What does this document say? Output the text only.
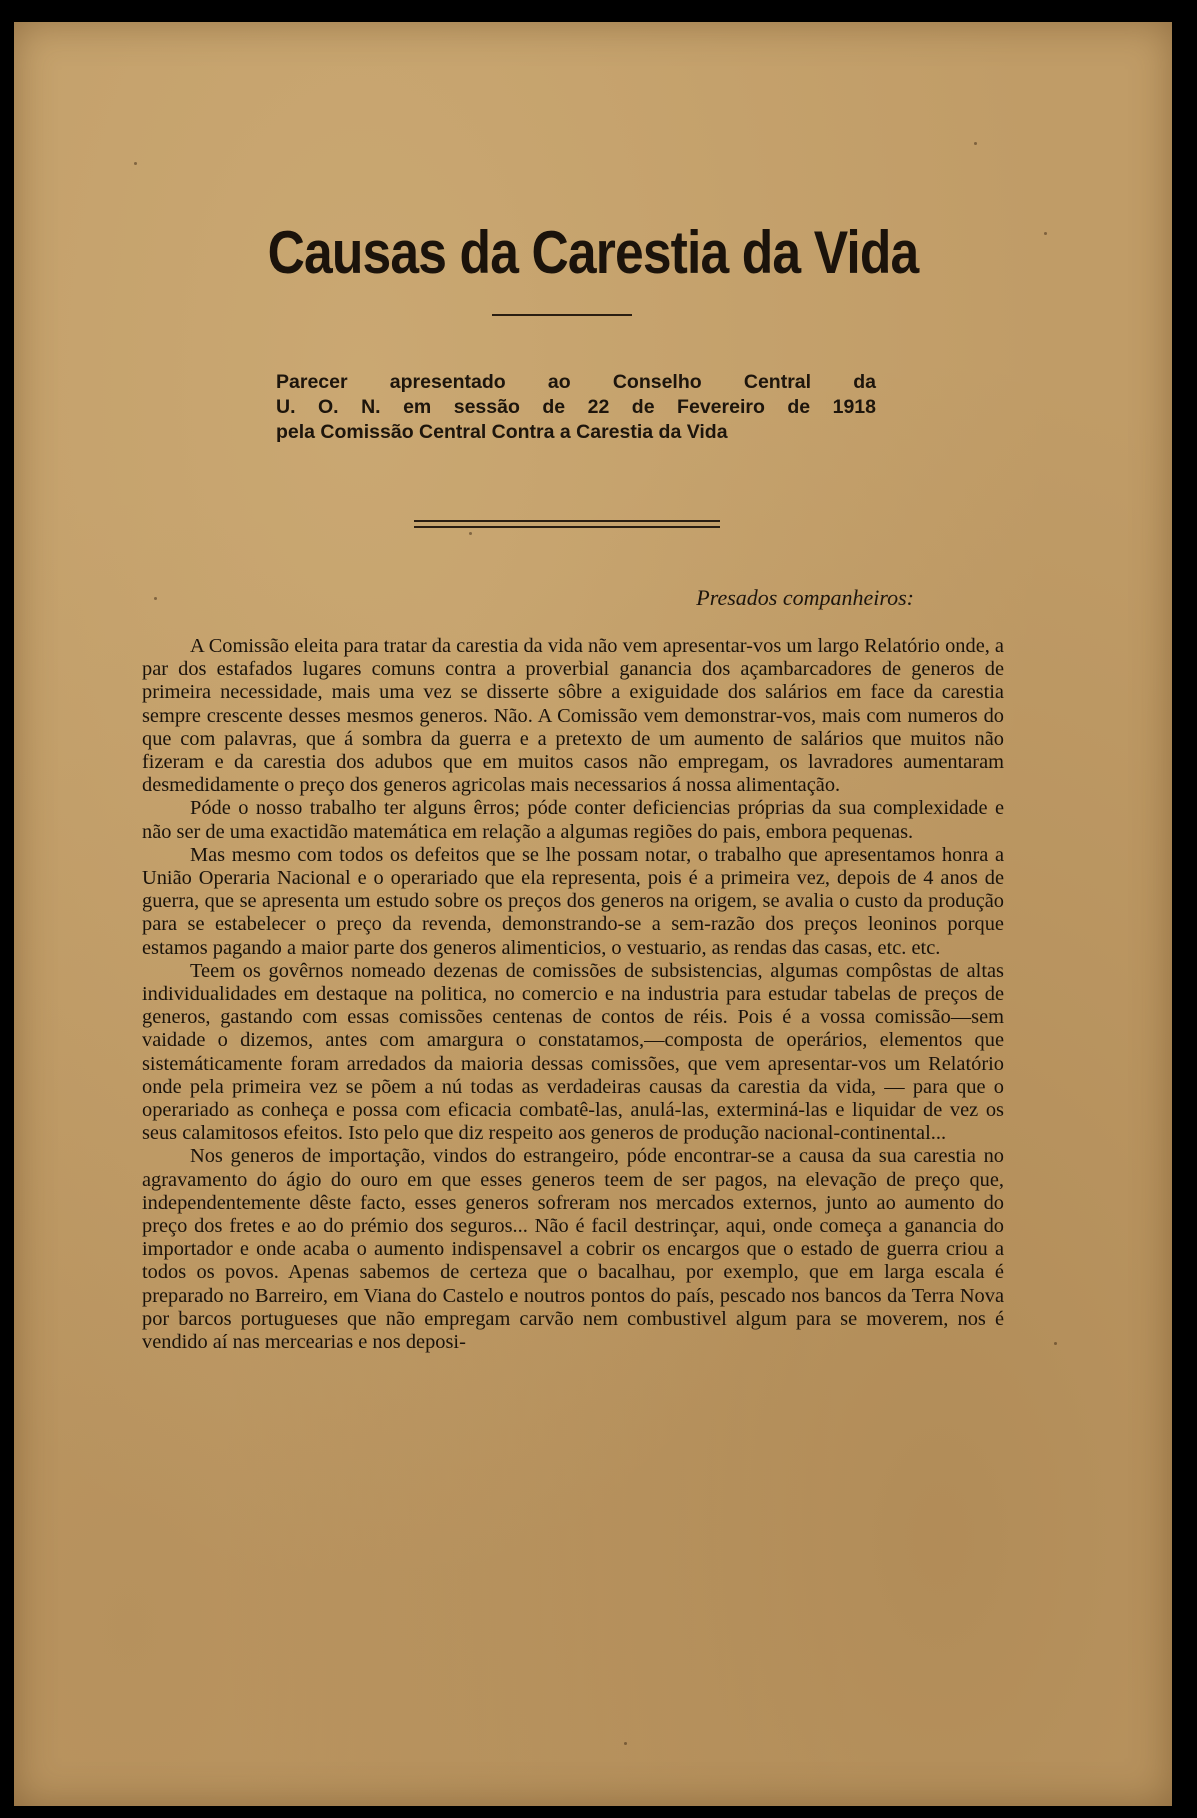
Causas da Carestia da Vida
Parecer apresentado ao Conselho Central da
U. O. N. em sessão de 22 de Fevereiro de 1918
pela Comissão Central Contra a Carestia da Vida
Presados companheiros:

A Comissão eleita para tratar da carestia da vida não vem apresentar-vos um largo Relatório onde, a par dos estafados lugares comuns contra a proverbial ganancia dos açambarcadores de generos de primeira necessidade, mais uma vez se disserte sôbre a exiguidade dos salários em face da carestia sempre crescente desses mesmos generos. Não. A Comissão vem demonstrar-vos, mais com numeros do que com palavras, que á sombra da guerra e a pretexto de um aumento de salários que muitos não fizeram e da carestia dos adubos que em muitos casos não empregam, os lavradores aumentaram desmedidamente o preço dos generos agricolas mais necessarios á nossa alimentação.

Póde o nosso trabalho ter alguns êrros; póde conter deficiencias próprias da sua complexidade e não ser de uma exactidão matemática em relação a algumas regiões do pais, embora pequenas.

Mas mesmo com todos os defeitos que se lhe possam notar, o trabalho que apresentamos honra a União Operaria Nacional e o operariado que ela representa, pois é a primeira vez, depois de 4 anos de guerra, que se apresenta um estudo sobre os preços dos generos na origem, se avalia o custo da produção para se estabelecer o preço da revenda, demonstrando-se a sem-razão dos preços leoninos porque estamos pagando a maior parte dos generos alimenticios, o vestuario, as rendas das casas, etc. etc.

Teem os govêrnos nomeado dezenas de comissões de subsistencias, algumas compôstas de altas individualidades em destaque na politica, no comercio e na industria para estudar tabelas de preços de generos, gastando com essas comissões centenas de contos de réis. Pois é a vossa comissão—sem vaidade o dizemos, antes com amargura o constatamos,—composta de operários, elementos que sistemáticamente foram arredados da maioria dessas comissões, que vem apresentar-vos um Relatório onde pela primeira vez se põem a nú todas as verdadeiras causas da carestia da vida, — para que o operariado as conheça e possa com eficacia combatê-las, anulá-las, exterminá-las e liquidar de vez os seus calamitosos efeitos. Isto pelo que diz respeito aos generos de produção nacional-continental...

Nos generos de importação, vindos do estrangeiro, póde encontrar-se a causa da sua carestia no agravamento do ágio do ouro em que esses generos teem de ser pagos, na elevação de preço que, independentemente dêste facto, esses generos sofreram nos mercados externos, junto ao aumento do preço dos fretes e ao do prémio dos seguros... Não é facil destrinçar, aqui, onde começa a ganancia do importador e onde acaba o aumento indispensavel a cobrir os encargos que o estado de guerra criou a todos os povos. Apenas sabemos de certeza que o bacalhau, por exemplo, que em larga escala é preparado no Barreiro, em Viana do Castelo e noutros pontos do país, pescado nos bancos da Terra Nova por barcos portugueses que não empregam carvão nem combustivel algum para se moverem, nos é vendido aí nas mercearias e nos deposi-
